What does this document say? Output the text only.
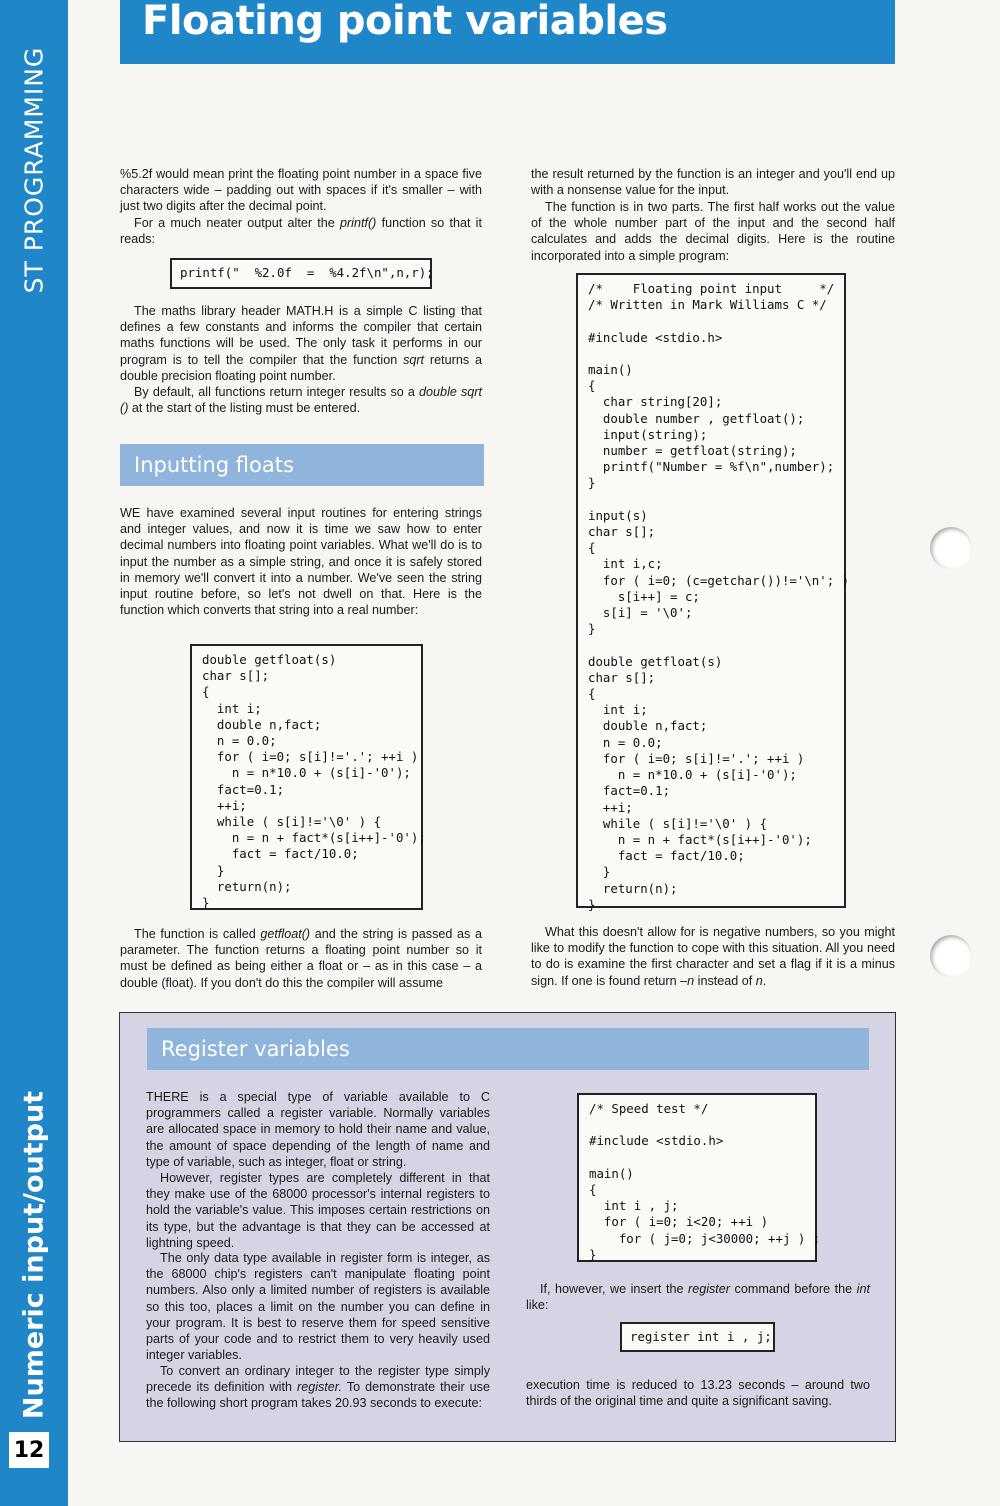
ST PROGRAMMING
Numeric input/output
12
Floating point variables

%5.2f would mean print the floating point number in a space five characters wide – padding out with spaces if it's smaller – with just two digits after the decimal point.

For a much neater output alter the printf() function so that it reads:

printf("  %2.0f  =  %4.2f\n",n,r);

The maths library header MATH.H is a simple C listing that defines a few constants and informs the compiler that certain maths functions will be used. The only task it performs in our program is to tell the compiler that the function sqrt returns a double precision floating point number.

By default, all functions return integer results so a double sqrt () at the start of the listing must be entered.

Inputting floats

WE have examined several input routines for entering strings and integer values, and now it is time we saw how to enter decimal numbers into floating point variables. What we'll do is to input the number as a simple string, and once it is safely stored in memory we'll convert it into a number. We've seen the string input routine before, so let's not dwell on that. Here is the function which converts that string into a real number:

double getfloat(s)
char s[];
{
int i;
double n,fact;
n = 0.0;
for ( i=0; s[i]!='.'; ++i )
n = n*10.0 + (s[i]-'0');
fact=0.1;
++i;
while ( s[i]!='\0' ) {
n = n + fact*(s[i++]-'0');
fact = fact/10.0;
}
return(n);
}

The function is called getfloat() and the string is passed as a parameter. The function returns a floating point number so it must be defined as being either a float or – as in this case – a double (float). If you don't do this the compiler will assume

the result returned by the function is an integer and you'll end up with a nonsense value for the input.

The function is in two parts. The first half works out the value of the whole number part of the input and the second half calculates and adds the decimal digits. Here is the routine incorporated into a simple program:

/*    Floating point input     */
/* Written in Mark Williams C */

#include <stdio.h>

main()
{
char string[20];
double number , getfloat();
input(string);
number = getfloat(string);
printf("Number = %f\n",number);
}

input(s)
char s[];
{
int i,c;
for ( i=0; (c=getchar())!='\n'; )
s[i++] = c;
s[i] = '\0';
}

double getfloat(s)
char s[];
{
int i;
double n,fact;
n = 0.0;
for ( i=0; s[i]!='.'; ++i )
n = n*10.0 + (s[i]-'0');
fact=0.1;
++i;
while ( s[i]!='\0' ) {
n = n + fact*(s[i++]-'0');
fact = fact/10.0;
}
return(n);
}

What this doesn't allow for is negative numbers, so you might like to modify the function to cope with this situation. All you need to do is examine the first character and set a flag if it is a minus sign. If one is found return –n instead of n.

Register variables

THERE is a special type of variable available to C programmers called a register variable. Normally variables are allocated space in memory to hold their name and value, the amount of space depending of the length of name and type of variable, such as integer, float or string.

However, register types are completely different in that they make use of the 68000 processor's internal registers to hold the variable's value. This imposes certain restrictions on its type, but the advantage is that they can be accessed at lightning speed.

The only data type available in register form is integer, as the 68000 chip's registers can't manipulate floating point numbers. Also only a limited number of registers is available so this too, places a limit on the number you can define in your program. It is best to reserve them for speed sensitive parts of your code and to restrict them to very heavily used integer variables.

To convert an ordinary integer to the register type simply precede its definition with register. To demonstrate their use the following short program takes 20.93 seconds to execute:

/* Speed test */

#include <stdio.h>

main()
{
int i , j;
for ( i=0; i<20; ++i )
for ( j=0; j<30000; ++j ) ;
}

If, however, we insert the register command before the int like:

register int i , j;

execution time is reduced to 13.23 seconds – around two thirds of the original time and quite a significant saving.
